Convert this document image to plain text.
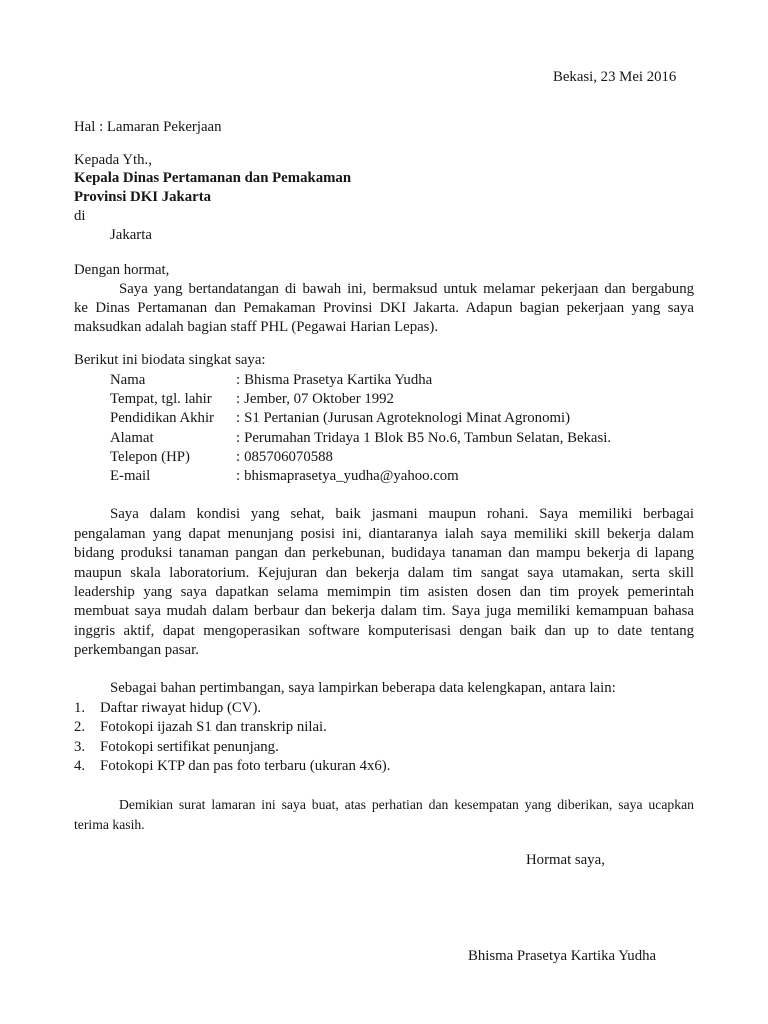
Bekasi, 23 Mei 2016
Hal : Lamaran Pekerjaan
Kepada Yth.,
Kepala Dinas Pertamanan dan Pemakaman
Provinsi DKI Jakarta
di
Jakarta
Dengan hormat,
Saya yang bertandatangan di bawah ini, bermaksud untuk melamar pekerjaan dan bergabung
ke Dinas Pertamanan dan Pemakaman Provinsi DKI Jakarta. Adapun bagian pekerjaan yang saya
maksudkan adalah bagian staff PHL (Pegawai Harian Lepas).
Berikut ini biodata singkat saya:
Nama	: Bhisma Prasetya Kartika Yudha
Tempat, tgl. lahir : Jember, 07 Oktober 1992
Pendidikan Akhir : S1 Pertanian (Jurusan Agroteknologi Minat Agronomi)
Alamat	: Perumahan Tridaya 1 Blok B5 No.6, Tambun Selatan, Bekasi.
Telepon (HP)	: 085706070588
E-mail	: bhismaprasetya_yudha@yahoo.com
Saya dalam kondisi yang sehat, baik jasmani maupun rohani. Saya memiliki berbagai
pengalaman yang dapat menunjang posisi ini, diantaranya ialah saya memiliki skill bekerja dalam
bidang produksi tanaman pangan dan perkebunan, budidaya tanaman dan mampu bekerja di lapang
maupun skala laboratorium. Kejujuran dan bekerja dalam tim sangat saya utamakan, serta skill
leadership yang saya dapatkan selama memimpin tim asisten dosen dan tim proyek pemerintah
membuat saya mudah dalam berbaur dan bekerja dalam tim. Saya juga memiliki kemampuan bahasa
inggris aktif, dapat mengoperasikan software komputerisasi dengan baik dan up to date tentang
perkembangan pasar.
Sebagai bahan pertimbangan, saya lampirkan beberapa data kelengkapan, antara lain:
1. Daftar riwayat hidup (CV).
2. Fotokopi ijazah S1 dan transkrip nilai.
3. Fotokopi sertifikat penunjang.
4. Fotokopi KTP dan pas foto terbaru (ukuran 4x6).
Demikian surat lamaran ini saya buat, atas perhatian dan kesempatan yang diberikan, saya ucapkan
terima kasih.
Hormat saya,
Bhisma Prasetya Kartika Yudha
